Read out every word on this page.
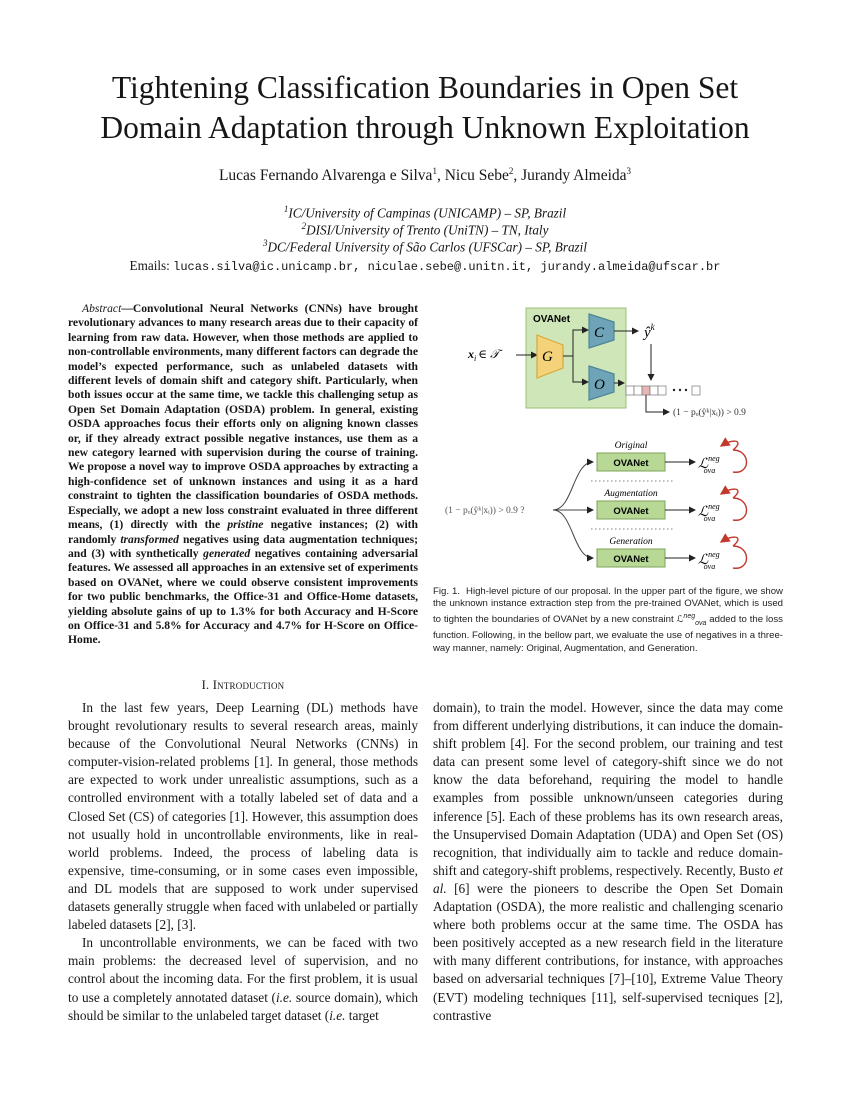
Tightening Classification Boundaries in Open Set
Domain Adaptation through Unknown Exploitation
Lucas Fernando Alvarenga e Silva$^1$, Nicu Sebe$^2$, Jurandy Almeida$^3$
$^1$IC/University of Campinas (UNICAMP) – SP, Brazil
$^2$DISI/University of Trento (UniTN) – TN, Italy
$^3$DC/Federal University of São Carlos (UFSCar) – SP, Brazil
Emails: lucas.silva@ic.unicamp.br, niculae.sebe@.unitn.it, jurandy.almeida@ufscar.br
Abstract—Convolutional Neural Networks (CNNs) have brought revolutionary advances to many research areas due to their capacity of learning from raw data. However, when those methods are applied to non-controllable environments, many different factors can degrade the model’s expected performance, such as unlabeled datasets with different levels of domain shift and category shift. Particularly, when both issues occur at the same time, we tackle this challenging setup as Open Set Domain Adaptation (OSDA) problem. In general, existing OSDA approaches focus their efforts only on aligning known classes or, if they already extract possible negative instances, use them as a new category learned with supervision during the course of training. We propose a novel way to improve OSDA approaches by extracting a high-confidence set of unknown instances and using it as a hard constraint to tighten the classification boundaries of OSDA methods. Especially, we adopt a new loss constraint evaluated in three different means, (1) directly with the pristine negative instances; (2) with randomly transformed negatives using data augmentation techniques; and (3) with synthetically generated negatives containing adversarial features. We assessed all approaches in an extensive set of experiments based on OVANet, where we could observe consistent improvements for two public benchmarks, the Office-31 and Office-Home datasets, yielding absolute gains of up to 1.3% for both Accuracy and H-Score on Office-31 and 5.8% for Accuracy and 4.7% for H-Score on Office-Home.
I. Introduction

In the last few years, Deep Learning (DL) methods have brought revolutionary results to several research areas, mainly because of the Convolutional Neural Networks (CNNs) in computer-vision-related problems [1]. In general, those methods are expected to work under unrealistic assumptions, such as a controlled environment with a totally labeled set of data and a Closed Set (CS) of categories [1]. However, this assumption does not usually hold in uncontrollable environments, like in real-world problems. Indeed, the process of labeling data is expensive, time-consuming, or in some cases even impossible, and DL models that are supposed to work under supervised datasets generally struggle when faced with unlabeled or partially labeled datasets [2], [3].

In uncontrollable environments, we can be faced with two main problems: the decreased level of supervision, and no control about the incoming data. For the first problem, it is usual to use a completely annotated dataset (i.e. source domain), which should be similar to the unlabeled target dataset (i.e. target

domain), to train the model. However, since the data may come from different underlying distributions, it can induce the domain-shift problem [4]. For the second problem, our training and test data can present some level of category-shift since we do not know the data beforehand, requiring the model to handle examples from possible unknown/unseen categories during inference [5]. Each of these problems has its own research areas, the Unsupervised Domain Adaptation (UDA) and Open Set (OS) recognition, that individually aim to tackle and reduce domain-shift and category-shift problems, respectively. Recently, Busto et al. [6] were the pioneers to describe the Open Set Domain Adaptation (OSDA), the more realistic and challenging scenario where both problems occur at the same time. The OSDA has been positively accepted as a new research field in the literature with many different contributions, for instance, with approaches based on adversarial techniques [7]–[10], Extreme Value Theory (EVT) modeling techniques [11], self-supervised tecniques [2], contrastive

OVANet
$x_i$ ∈ 𝒯	G
C
O
$ŷ^k$
(1 − pₒ(ŷᵏ|xᵢ)) > 0.9
(1 − pₒ(ŷᵏ|xᵢ)) > 0.9 ?
Original
OVANet	ℒ$^{neg}$ ova
Augmentation
OVANet	ℒ$^{neg}$ ova
Generation
OVANet	ℒ$^{neg}$ ova
Fig. 1. High-level picture of our proposal. In the upper part of the figure, we show the unknown instance extraction step from the pre-trained OVANet, which is used to tighten the boundaries of OVANet by a new constraint ℒ$^{neg}_{ova}$ added to the loss function. Following, in the bellow part, we evaluate the use of negatives in a three-way manner, namely: Original, Augmentation, and Generation.
